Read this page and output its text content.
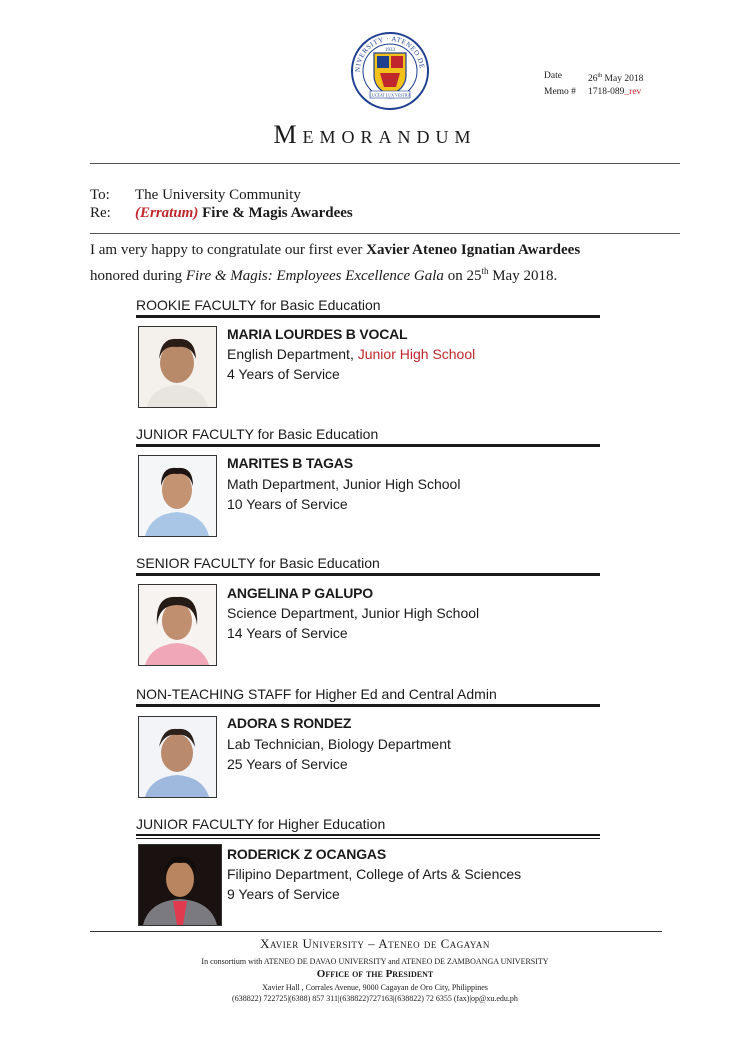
NIVERSITY · ATENEO DE
1933
LUCEAT LUX VESTRA
Date	26th May 2018
Memo #	1718-089_rev
Memorandum
To: The University Community
Re: (Erratum) Fire & Magis Awardees
I am very happy to congratulate our first ever Xavier Ateneo Ignatian Awardees
honored during Fire & Magis: Employees Excellence Gala on 25th May 2018.
ROOKIE FACULTY for Basic Education
MARIA LOURDES B VOCAL
English Department, Junior High School
4 Years of Service
JUNIOR FACULTY for Basic Education
MARITES B TAGAS
Math Department, Junior High School
10 Years of Service
SENIOR FACULTY for Basic Education
ANGELINA P GALUPO
Science Department, Junior High School
14 Years of Service
NON-TEACHING STAFF for Higher Ed and Central Admin
ADORA S RONDEZ
Lab Technician, Biology Department
25 Years of Service
JUNIOR FACULTY for Higher Education
RODERICK Z OCANGAS
Filipino Department, College of Arts & Sciences
9 Years of Service
Xavier University – Ateneo de Cagayan
In consortium with ATENEO DE DAVAO UNIVERSITY and ATENEO DE ZAMBOANGA UNIVERSITY
Office of the President
Xavier Hall , Corrales Avenue, 9000 Cagayan de Oro City, Philippines
(638822) 722725|(6388) 857 311|(638822)727163|(638822) 72 6355 (fax)|op@xu.edu.ph
